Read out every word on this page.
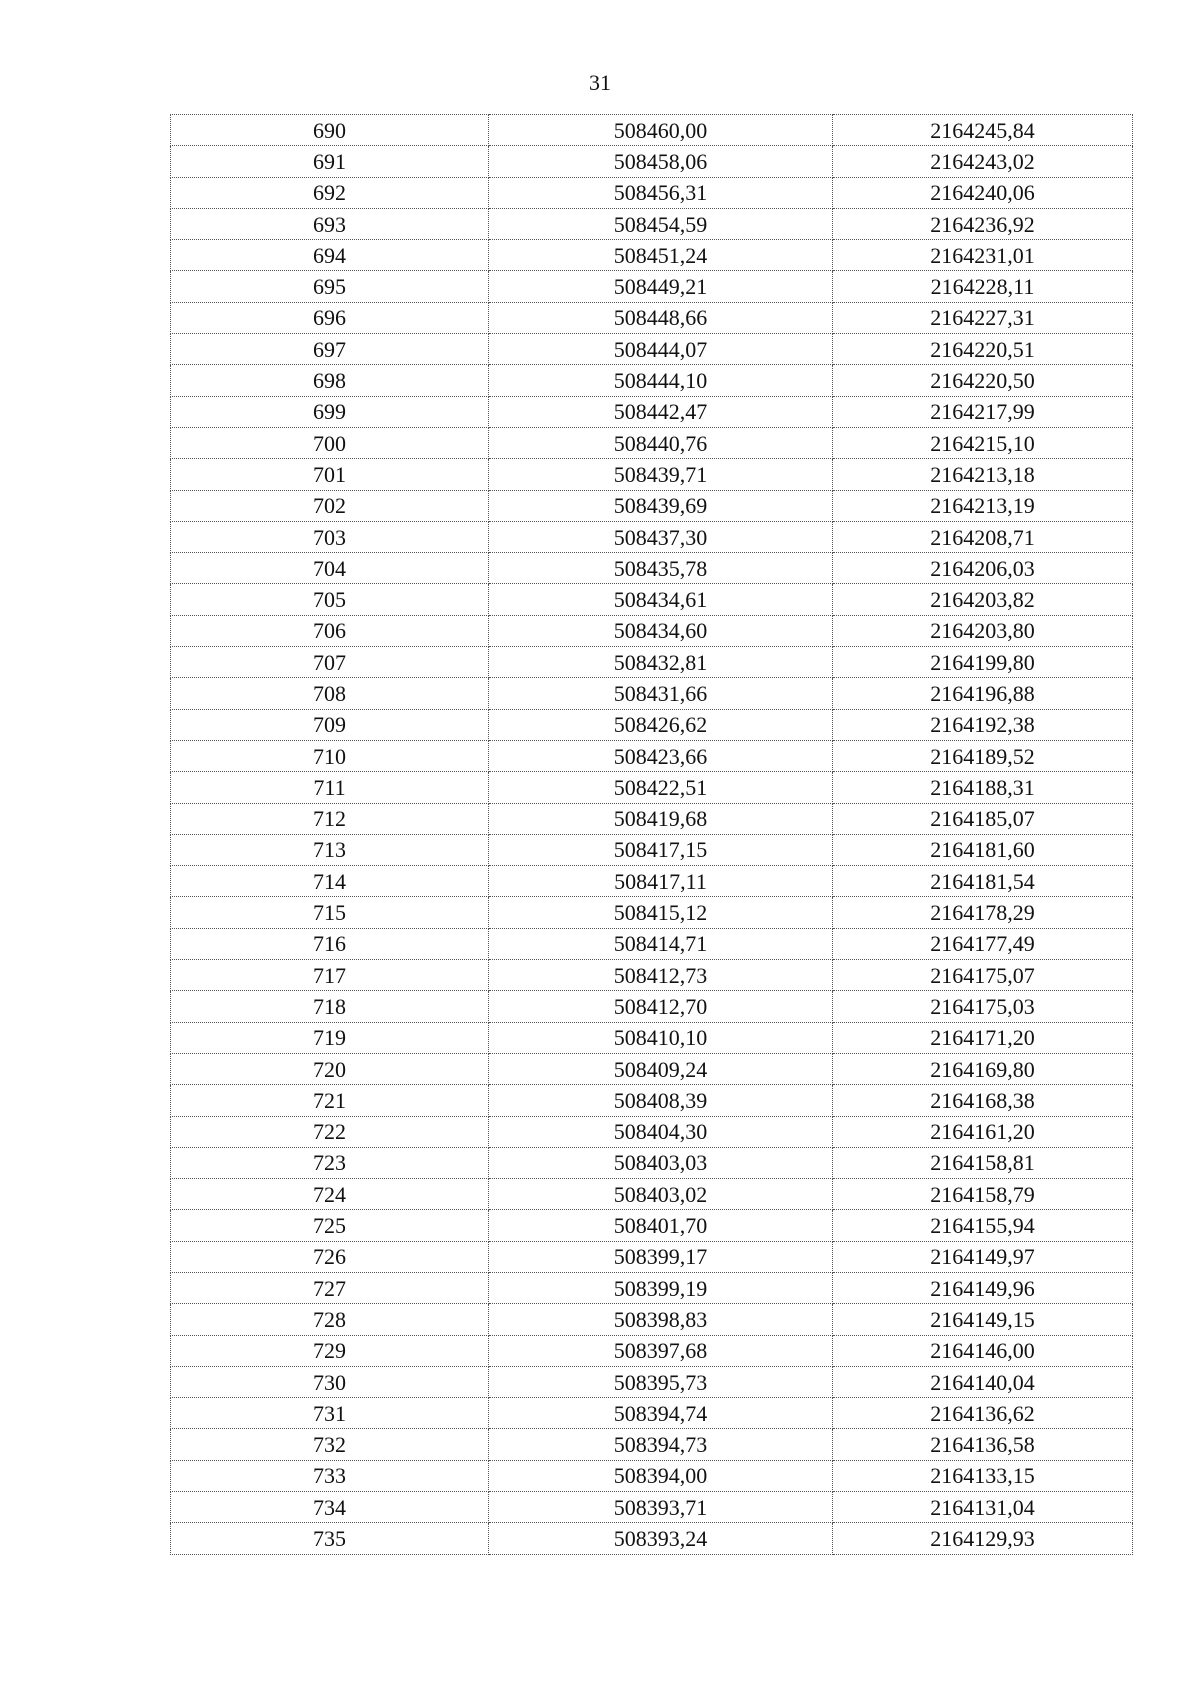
31
690	508460,00	2164245,84
691	508458,06	2164243,02
692	508456,31	2164240,06
693	508454,59	2164236,92
694	508451,24	2164231,01
695	508449,21	2164228,11
696	508448,66	2164227,31
697	508444,07	2164220,51
698	508444,10	2164220,50
699	508442,47	2164217,99
700	508440,76	2164215,10
701	508439,71	2164213,18
702	508439,69	2164213,19
703	508437,30	2164208,71
704	508435,78	2164206,03
705	508434,61	2164203,82
706	508434,60	2164203,80
707	508432,81	2164199,80
708	508431,66	2164196,88
709	508426,62	2164192,38
710	508423,66	2164189,52
711	508422,51	2164188,31
712	508419,68	2164185,07
713	508417,15	2164181,60
714	508417,11	2164181,54
715	508415,12	2164178,29
716	508414,71	2164177,49
717	508412,73	2164175,07
718	508412,70	2164175,03
719	508410,10	2164171,20
720	508409,24	2164169,80
721	508408,39	2164168,38
722	508404,30	2164161,20
723	508403,03	2164158,81
724	508403,02	2164158,79
725	508401,70	2164155,94
726	508399,17	2164149,97
727	508399,19	2164149,96
728	508398,83	2164149,15
729	508397,68	2164146,00
730	508395,73	2164140,04
731	508394,74	2164136,62
732	508394,73	2164136,58
733	508394,00	2164133,15
734	508393,71	2164131,04
735	508393,24	2164129,93
